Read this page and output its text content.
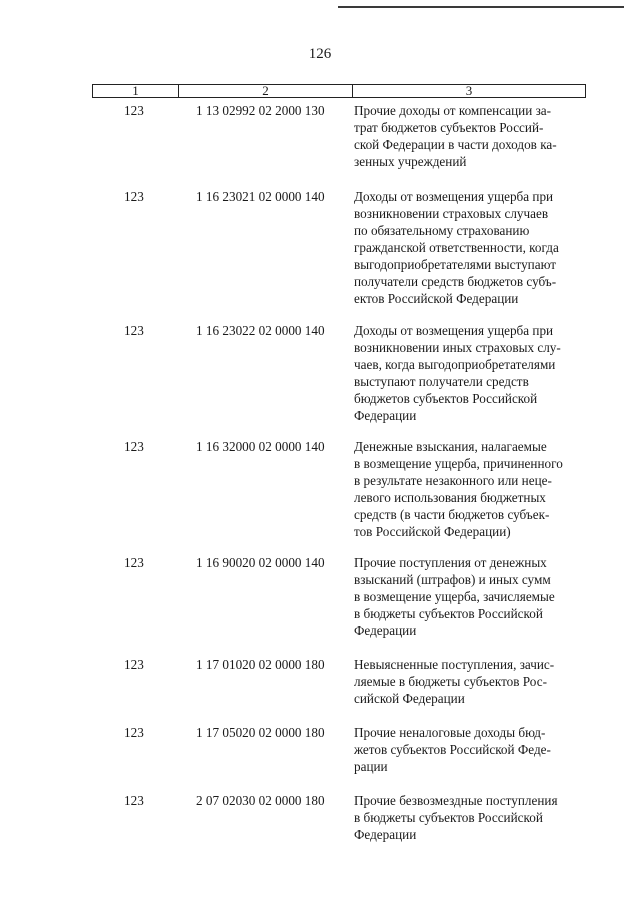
126
1	2	3
123	1 13 02992 02 2000 130	Прочие доходы от компенсации за-
трат бюджетов субъектов Россий-
ской Федерации в части доходов ка-
зенных учреждений
123	1 16 23021 02 0000 140	Доходы от возмещения ущерба при
возникновении страховых случаев
по обязательному страхованию
гражданской ответственности, когда
выгодоприобретателями выступают
получатели средств бюджетов субъ-
ектов Российской Федерации
123	1 16 23022 02 0000 140	Доходы от возмещения ущерба при
возникновении иных страховых слу-
чаев, когда выгодоприобретателями
выступают получатели средств
бюджетов субъектов Российской
Федерации
123	1 16 32000 02 0000 140	Денежные взыскания, налагаемые
в возмещение ущерба, причиненного
в результате незаконного или неце-
левого использования бюджетных
средств (в части бюджетов субъек-
тов Российской Федерации)
123	1 16 90020 02 0000 140	Прочие поступления от денежных
взысканий (штрафов) и иных сумм
в возмещение ущерба, зачисляемые
в бюджеты субъектов Российской
Федерации
123	1 17 01020 02 0000 180	Невыясненные поступления, зачис-
ляемые в бюджеты субъектов Рос-
сийской Федерации
123	1 17 05020 02 0000 180	Прочие неналоговые доходы бюд-
жетов субъектов Российской Феде-
рации
123	2 07 02030 02 0000 180	Прочие безвозмездные поступления
в бюджеты субъектов Российской
Федерации
